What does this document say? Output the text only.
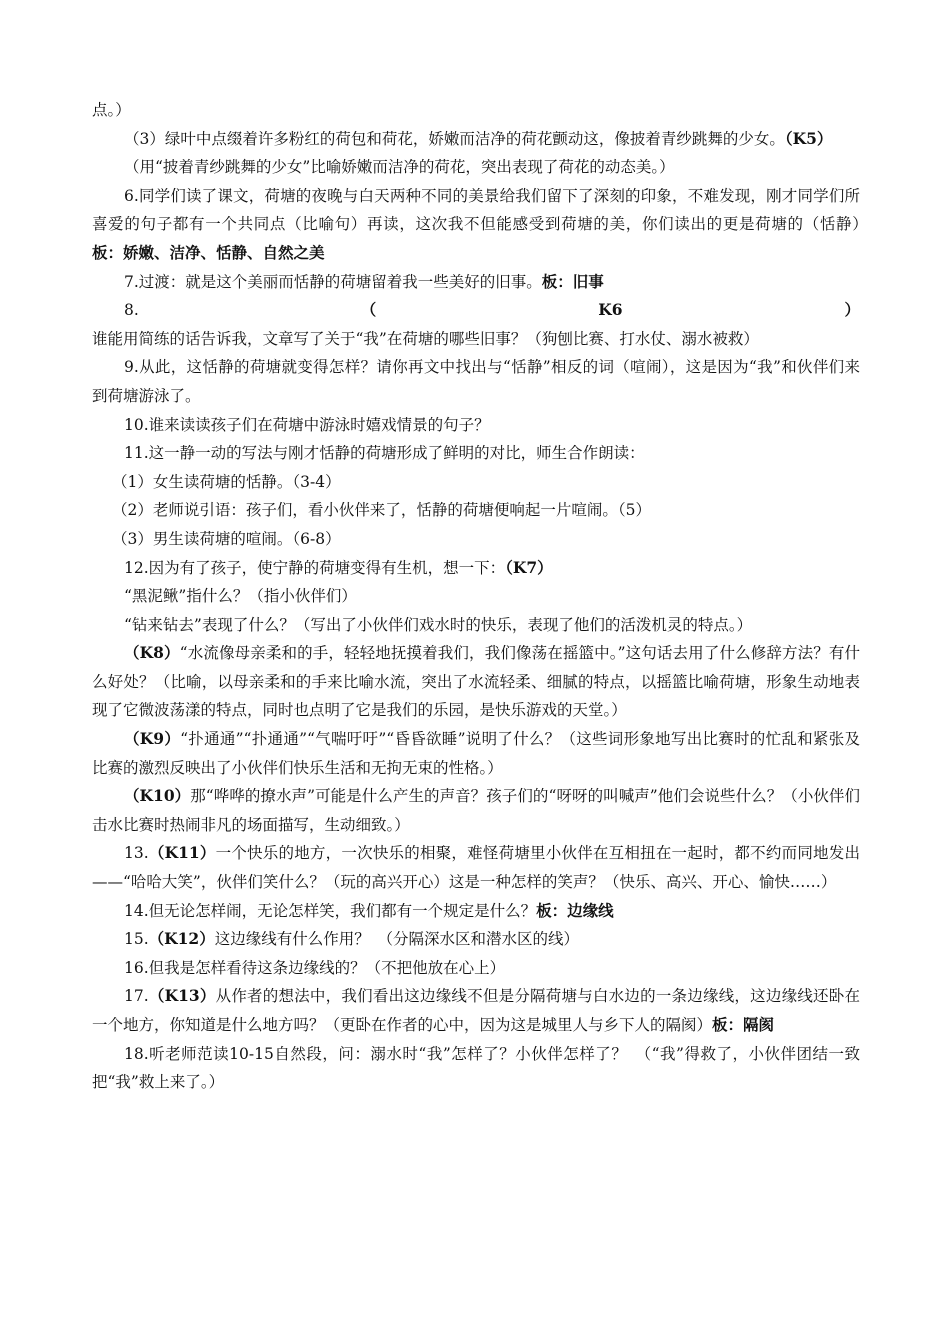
点。）

（3）绿叶中点缀着许多粉红的荷包和荷花，娇嫩而洁净的荷花颤动这，像披着青纱跳舞的少女。（K5）

（用“披着青纱跳舞的少女”比喻娇嫩而洁净的荷花，突出表现了荷花的动态美。）

6.同学们读了课文，荷塘的夜晚与白天两种不同的美景给我们留下了深刻的印象，不难发现，刚才同学们所喜爱的句子都有一个共同点（比喻句）再读，这次我不但能感受到荷塘的美，你们读出的更是荷塘的（恬静）　板：娇嫩、洁净、恬静、自然之美

7.过渡：就是这个美丽而恬静的荷塘留着我一些美好的旧事。板：旧事

8.（K6）谁能用简练的话告诉我，文章写了关于“我”在荷塘的哪些旧事？（狗刨比赛、打水仗、溺水被救）

9.从此，这恬静的荷塘就变得怎样？请你再文中找出与“恬静”相反的词（喧闹），这是因为“我”和伙伴们来到荷塘游泳了。

10.谁来读读孩子们在荷塘中游泳时嬉戏情景的句子？

11.这一静一动的写法与刚才恬静的荷塘形成了鲜明的对比，师生合作朗读：

（1）女生读荷塘的恬静。（3-4）

（2）老师说引语：孩子们，看小伙伴来了，恬静的荷塘便响起一片喧闹。（5）

（3）男生读荷塘的喧闹。（6-8）

12.因为有了孩子，使宁静的荷塘变得有生机，想一下：（K7）

“黑泥鳅”指什么？（指小伙伴们）

“钻来钻去”表现了什么？（写出了小伙伴们戏水时的快乐，表现了他们的活泼机灵的特点。）

（K8）“水流像母亲柔和的手，轻轻地抚摸着我们，我们像荡在摇篮中。”这句话去用了什么修辞方法？有什么好处？（比喻，以母亲柔和的手来比喻水流，突出了水流轻柔、细腻的特点，以摇篮比喻荷塘，形象生动地表现了它微波荡漾的特点，同时也点明了它是我们的乐园，是快乐游戏的天堂。）

（K9）“扑通通”“扑通通”“气喘吁吁”“昏昏欲睡”说明了什么？（这些词形象地写出比赛时的忙乱和紧张及比赛的激烈反映出了小伙伴们快乐生活和无拘无束的性格。）

（K10）那“哗哗的撩水声”可能是什么产生的声音？孩子们的“呀呀的叫喊声”他们会说些什么？（小伙伴们击水比赛时热闹非凡的场面描写，生动细致。）

13.（K11）一个快乐的地方，一次快乐的相聚，难怪荷塘里小伙伴在互相扭在一起时，都不约而同地发出——“哈哈大笑”，伙伴们笑什么？（玩的高兴开心）这是一种怎样的笑声？（快乐、高兴、开心、愉快……）

14.但无论怎样闹，无论怎样笑，我们都有一个规定是什么？板：边缘线

15.（K12）这边缘线有什么作用？　（分隔深水区和潜水区的线）

16.但我是怎样看待这条边缘线的？（不把他放在心上）

17.（K13）从作者的想法中，我们看出这边缘线不但是分隔荷塘与白水边的一条边缘线，这边缘线还卧在一个地方，你知道是什么地方吗？（更卧在作者的心中，因为这是城里人与乡下人的隔阂）板：隔阂

18.听老师范读10-15自然段，问：溺水时“我”怎样了？小伙伴怎样了？　（“我”得救了，小伙伴团结一致把“我”救上来了。）
